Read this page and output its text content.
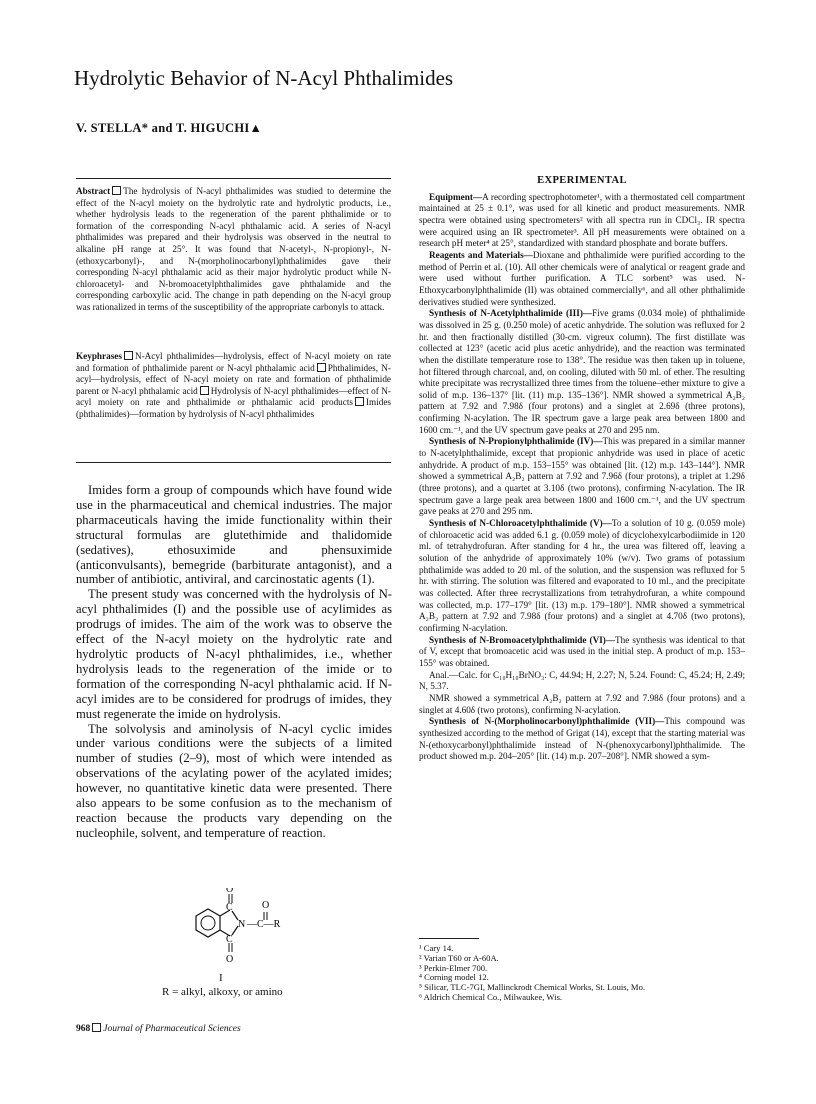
Hydrolytic Behavior of N-Acyl Phthalimides
V. STELLA* and T. HIGUCHI▲
Abstract The hydrolysis of N-acyl phthalimides was studied to determine the effect of the N-acyl moiety on the hydrolytic rate and hydrolytic products, i.e., whether hydrolysis leads to the regeneration of the parent phthalimide or to formation of the corresponding N-acyl phthalamic acid. A series of N-acyl phthalimides was prepared and their hydrolysis was observed in the neutral to alkaline pH range at 25°. It was found that N-acetyl-, N-propionyl-, N-(ethoxycarbonyl)-, and N-(morpholinocarbonyl)phthalimides gave their corresponding N-acyl phthalamic acid as their major hydrolytic product while N-chloroacetyl- and N-bromoacetylphthalimides gave phthalamide and the corresponding carboxylic acid. The change in path depending on the N-acyl group was rationalized in terms of the susceptibility of the appropriate carbonyls to attack.
Keyphrases N-Acyl phthalimides—hydrolysis, effect of N-acyl moiety on rate and formation of phthalimide parent or N-acyl phthalamic acid Phthalimides, N-acyl—hydrolysis, effect of N-acyl moiety on rate and formation of phthalimide parent or N-acyl phthalamic acid Hydrolysis of N-acyl phthalimides—effect of N-acyl moiety on rate and phthalimide or phthalamic acid products Imides (phthalimides)—formation by hydrolysis of N-acyl phthalimides

Imides form a group of compounds which have found wide use in the pharmaceutical and chemical industries. The major pharmaceuticals having the imide functionality within their structural formulas are glutethimide and thalidomide (sedatives), ethosuximide and phensuximide (anticonvulsants), bemegride (barbiturate antagonist), and a number of antibiotic, antiviral, and carcinostatic agents (1).

The present study was concerned with the hydrolysis of N-acyl phthalimides (I) and the possible use of acylimides as prodrugs of imides. The aim of the work was to observe the effect of the N-acyl moiety on the hydrolytic rate and hydrolytic products of N-acyl phthalimides, i.e., whether hydrolysis leads to the regeneration of the imide or to formation of the corresponding N-acyl phthalamic acid. If N-acyl imides are to be considered for prodrugs of imides, they must regenerate the imide on hydrolysis.

The solvolysis and aminolysis of N-acyl cyclic imides under various conditions were the subjects of a limited number of studies (2–9), most of which were intended as observations of the acylating power of the acylated imides; however, no quantitative kinetic data were presented. There also appears to be some confusion as to the mechanism of reaction because the products vary depending on the nucleophile, solvent, and temperature of reaction.

O
C
N —C—R
O
C
O
I
R = alkyl, alkoxy, or amino
EXPERIMENTAL

Equipment—A recording spectrophotometer¹, with a thermostated cell compartment maintained at 25 ± 0.1°, was used for all kinetic and product measurements. NMR spectra were obtained using spectrometers² with all spectra run in CDCl₃. IR spectra were acquired using an IR spectrometer³. All pH measurements were obtained on a research pH meter⁴ at 25°, standardized with standard phosphate and borate buffers.

Reagents and Materials—Dioxane and phthalimide were purified according to the method of Perrin et al. (10). All other chemicals were of analytical or reagent grade and were used without further purification. A TLC sorbent⁵ was used. N-Ethoxycarbonylphthalimide (II) was obtained commercially⁶, and all other phthalimide derivatives studied were synthesized.

Synthesis of N-Acetylphthalimide (III)—Five grams (0.034 mole) of phthalimide was dissolved in 25 g. (0.250 mole) of acetic anhydride. The solution was refluxed for 2 hr. and then fractionally distilled (30-cm. vigreux column). The first distillate was collected at 123° (acetic acid plus acetic anhydride), and the reaction was terminated when the distillate temperature rose to 138°. The residue was then taken up in toluene, hot filtered through charcoal, and, on cooling, diluted with 50 ml. of ether. The resulting white precipitate was recrystallized three times from the toluene–ether mixture to give a solid of m.p. 136–137° [lit. (11) m.p. 135–136°]. NMR showed a symmetrical A₂B₂ pattern at 7.92 and 7.98δ (four protons) and a singlet at 2.69δ (three protons), confirming N-acylation. The IR spectrum gave a large peak area between 1800 and 1600 cm.⁻¹, and the UV spectrum gave peaks at 270 and 295 nm.

Synthesis of N-Propionylphthalimide (IV)—This was prepared in a similar manner to N-acetylphthalimide, except that propionic anhydride was used in place of acetic anhydride. A product of m.p. 153–155° was obtained [lit. (12) m.p. 143–144°]. NMR showed a symmetrical A₂B₂ pattern at 7.92 and 7.96δ (four protons), a triplet at 1.29δ (three protons), and a quartet at 3.10δ (two protons), confirming N-acylation. The IR spectrum gave a large peak area between 1800 and 1600 cm.⁻¹, and the UV spectrum gave peaks at 270 and 295 nm.

Synthesis of N-Chloroacetylphthalimide (V)—To a solution of 10 g. (0.059 mole) of chloroacetic acid was added 6.1 g. (0.059 mole) of dicyclohexylcarbodiimide in 120 ml. of tetrahydrofuran. After standing for 4 hr., the urea was filtered off, leaving a solution of the anhydride of approximately 10% (w/v). Two grams of potassium phthalimide was added to 20 ml. of the solution, and the suspension was refluxed for 5 hr. with stirring. The solution was filtered and evaporated to 10 ml., and the precipitate was collected. After three recrystallizations from tetrahydrofuran, a white compound was collected, m.p. 177–179° [lit. (13) m.p. 179–180°]. NMR showed a symmetrical A₂B₂ pattern at 7.92 and 7.98δ (four protons) and a singlet at 4.70δ (two protons), confirming N-acylation.

Synthesis of N-Bromoacetylphthalimide (VI)—The synthesis was identical to that of V, except that bromoacetic acid was used in the initial step. A product of m.p. 153–155° was obtained.

Anal.—Calc. for C₁₀H₁₀BrNO₃: C, 44.94; H, 2.27; N, 5.24. Found: C, 45.24; H, 2.49; N, 5.37.

NMR showed a symmetrical A₂B₂ pattern at 7.92 and 7.98δ (four protons) and a singlet at 4.60δ (two protons), confirming N-acylation.

Synthesis of N-(Morpholinocarbonyl)phthalimide (VII)—This compound was synthesized according to the method of Grigat (14), except that the starting material was N-(ethoxycarbonyl)phthalimide instead of N-(phenoxycarbonyl)phthalimide. The product showed m.p. 204–205° [lit. (14) m.p. 207–208°]. NMR showed a sym-

¹ Cary 14.
² Varian T60 or A-60A.
³ Perkin-Elmer 700.
⁴ Corning model 12.
⁵ Silicar, TLC-7GI, Mallinckrodt Chemical Works, St. Louis, Mo.
⁶ Aldrich Chemical Co., Milwaukee, Wis.
968 Journal of Pharmaceutical Sciences
